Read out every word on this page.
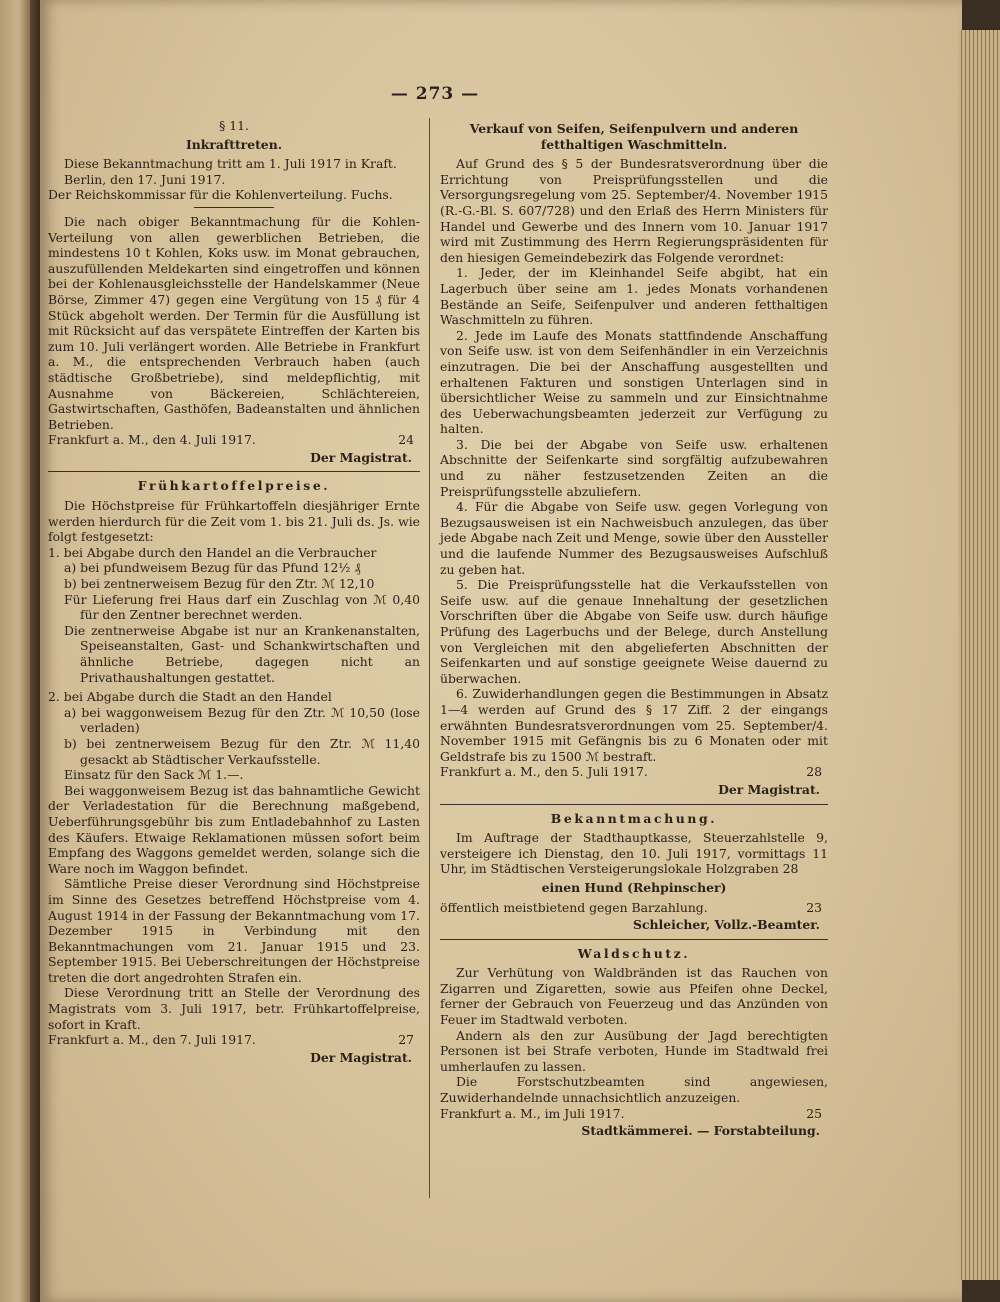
— 273 —
§ 11.
Inkrafttreten.

Diese Bekanntmachung tritt am 1. Juli 1917 in Kraft.

Berlin, den 17. Juni 1917.

Der Reichskommissar für die Kohlenverteilung. Fuchs.

Die nach obiger Bekanntmachung für die Kohlen-Verteilung von allen gewerblichen Betrieben, die mindestens 10 t Kohlen, Koks usw. im Monat gebrauchen, auszufüllenden Meldekarten sind eingetroffen und können bei der Kohlenausgleichsstelle der Handelskammer (Neue Börse, Zimmer 47) gegen eine Vergütung von 15 ₰ für 4 Stück abgeholt werden. Der Termin für die Ausfüllung ist mit Rücksicht auf das verspätete Eintreffen der Karten bis zum 10. Juli verlängert worden. Alle Betriebe in Frankfurt a. M., die entsprechenden Verbrauch haben (auch städtische Großbetriebe), sind meldepflichtig, mit Ausnahme von Bäckereien, Schlächtereien, Gastwirtschaften, Gasthöfen, Badeanstalten und ähnlichen Betrieben.

Frankfurt a. M., den 4. Juli 1917.	24
Der Magistrat.
Frühkartoffelpreise.

Die Höchstpreise für Frühkartoffeln diesjähriger Ernte werden hierdurch für die Zeit vom 1. bis 21. Juli ds. Js. wie folgt festgesetzt:

1. bei Abgabe durch den Handel an die Verbraucher

a) bei pfundweisem Bezug für das Pfund 12½ ₰

b) bei zentnerweisem Bezug für den Ztr. ℳ 12,10

Für Lieferung frei Haus darf ein Zuschlag von ℳ 0,40 für den Zentner berechnet werden.

Die zentnerweise Abgabe ist nur an Krankenanstalten, Speiseanstalten, Gast- und Schankwirtschaften und ähnliche Betriebe, dagegen nicht an Privathaushaltungen gestattet.

2. bei Abgabe durch die Stadt an den Handel

a) bei waggonweisem Bezug für den Ztr. ℳ 10,50 (lose verladen)

b) bei zentnerweisem Bezug für den Ztr. ℳ 11,40 gesackt ab Städtischer Verkaufsstelle.

Einsatz für den Sack ℳ 1.—.

Bei waggonweisem Bezug ist das bahnamtliche Gewicht der Verladestation für die Berechnung maßgebend, Ueberführungsgebühr bis zum Entladebahnhof zu Lasten des Käufers. Etwaige Reklamationen müssen sofort beim Empfang des Waggons gemeldet werden, solange sich die Ware noch im Waggon befindet.

Sämtliche Preise dieser Verordnung sind Höchstpreise im Sinne des Gesetzes betreffend Höchstpreise vom 4. August 1914 in der Fassung der Bekanntmachung vom 17. Dezember 1915 in Verbindung mit den Bekanntmachungen vom 21. Januar 1915 und 23. September 1915. Bei Ueberschreitungen der Höchstpreise treten die dort angedrohten Strafen ein.

Diese Verordnung tritt an Stelle der Verordnung des Magistrats vom 3. Juli 1917, betr. Frühkartoffelpreise, sofort in Kraft.

Frankfurt a. M., den 7. Juli 1917.	27
Der Magistrat.
Verkauf von Seifen, Seifenpulvern und anderen fetthaltigen Waschmitteln.

Auf Grund des § 5 der Bundesratsverordnung über die Errichtung von Preisprüfungsstellen und die Versorgungsregelung vom 25. September/4. November 1915 (R.-G.-Bl. S. 607/728) und den Erlaß des Herrn Ministers für Handel und Gewerbe und des Innern vom 10. Januar 1917 wird mit Zustimmung des Herrn Regierungspräsidenten für den hiesigen Gemeindebezirk das Folgende verordnet:

1. Jeder, der im Kleinhandel Seife abgibt, hat ein Lagerbuch über seine am 1. jedes Monats vorhandenen Bestände an Seife, Seifenpulver und anderen fetthaltigen Waschmitteln zu führen.

2. Jede im Laufe des Monats stattfindende Anschaffung von Seife usw. ist von dem Seifenhändler in ein Verzeichnis einzutragen. Die bei der Anschaffung ausgestellten und erhaltenen Fakturen und sonstigen Unterlagen sind in übersichtlicher Weise zu sammeln und zur Einsichtnahme des Ueberwachungsbeamten jederzeit zur Verfügung zu halten.

3. Die bei der Abgabe von Seife usw. erhaltenen Abschnitte der Seifenkarte sind sorgfältig aufzubewahren und zu näher festzusetzenden Zeiten an die Preisprüfungsstelle abzuliefern.

4. Für die Abgabe von Seife usw. gegen Vorlegung von Bezugsausweisen ist ein Nachweisbuch anzulegen, das über jede Abgabe nach Zeit und Menge, sowie über den Aussteller und die laufende Nummer des Bezugsausweises Aufschluß zu geben hat.

5. Die Preisprüfungsstelle hat die Verkaufsstellen von Seife usw. auf die genaue Innehaltung der gesetzlichen Vorschriften über die Abgabe von Seife usw. durch häufige Prüfung des Lagerbuchs und der Belege, durch Anstellung von Vergleichen mit den abgelieferten Abschnitten der Seifenkarten und auf sonstige geeignete Weise dauernd zu überwachen.

6. Zuwiderhandlungen gegen die Bestimmungen in Absatz 1—4 werden auf Grund des § 17 Ziff. 2 der eingangs erwähnten Bundesratsverordnungen vom 25. September/4. November 1915 mit Gefängnis bis zu 6 Monaten oder mit Geldstrafe bis zu 1500 ℳ bestraft.

Frankfurt a. M., den 5. Juli 1917.	28
Der Magistrat.
Bekanntmachung.

Im Auftrage der Stadthauptkasse, Steuerzahlstelle 9, versteigere ich Dienstag, den 10. Juli 1917, vormittags 11 Uhr, im Städtischen Versteigerungslokale Holzgraben 28

einen Hund (Rehpinscher)
öffentlich meistbietend gegen Barzahlung.	23
Schleicher, Vollz.-Beamter.
Waldschutz.

Zur Verhütung von Waldbränden ist das Rauchen von Zigarren und Zigaretten, sowie aus Pfeifen ohne Deckel, ferner der Gebrauch von Feuerzeug und das Anzünden von Feuer im Stadtwald verboten.

Andern als den zur Ausübung der Jagd berechtigten Personen ist bei Strafe verboten, Hunde im Stadtwald frei umherlaufen zu lassen.

Die Forstschutzbeamten sind angewiesen, Zuwiderhandelnde unnachsichtlich anzuzeigen.

Frankfurt a. M., im Juli 1917.	25
Stadtkämmerei. — Forstabteilung.
